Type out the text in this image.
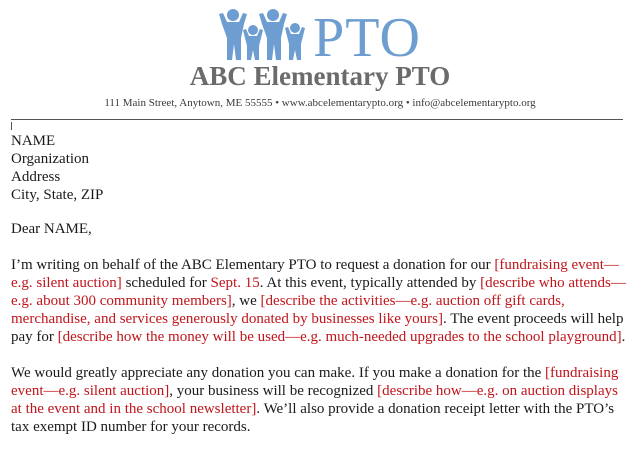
PTO
ABC Elementary PTO
111 Main Street, Anytown, ME 55555 • www.abcelementarypto.org • info@abcelementarypto.org
NAME
Organization
Address
City, State, ZIP
Dear NAME,

I’m writing on behalf of the ABC Elementary PTO to request a donation for our [fundraising event—e.g. silent auction] scheduled for Sept. 15. At this event, typically attended by [describe who attends—e.g. about 300 community members], we [describe the activities—e.g. auction off gift cards, merchandise, and services generously donated by businesses like yours]. The event proceeds will help pay for [describe how the money will be used—e.g. much-needed upgrades to the school playground].

We would greatly appreciate any donation you can make. If you make a donation for the [fundraising event—e.g. silent auction], your business will be recognized [describe how—e.g. on auction displays at the event and in the school newsletter]. We’ll also provide a donation receipt letter with the PTO’s tax exempt ID number for your records.
